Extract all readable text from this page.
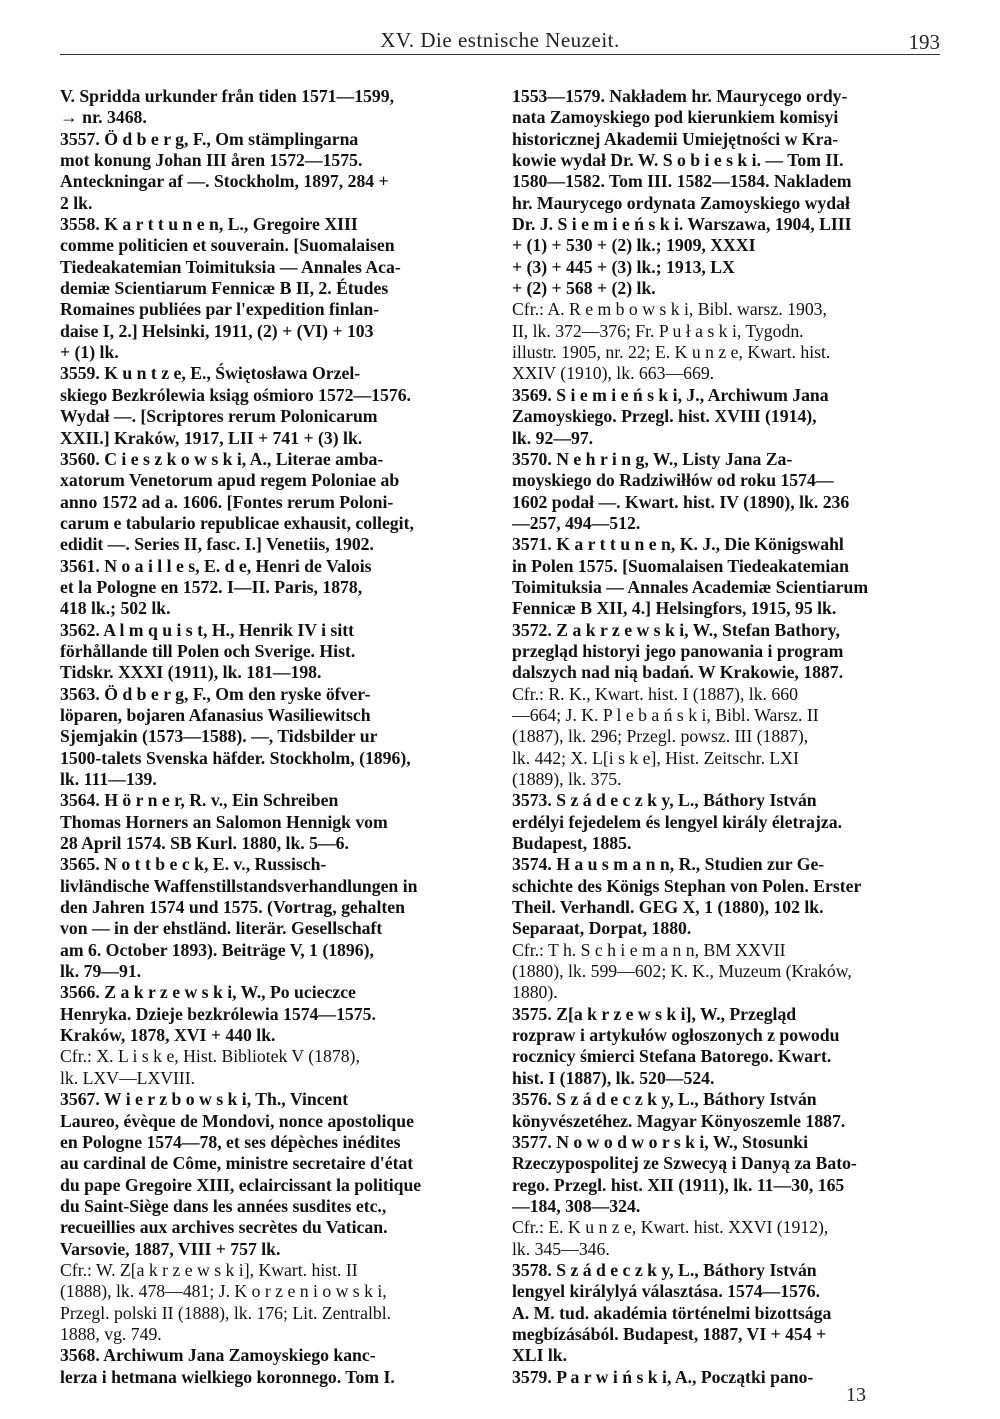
XV. Die estnische Neuzeit.	193
V. Spridda urkunder från tiden 1571—1599,
→ nr. 3468.
3557. Ö d b e r g, F., Om stämplingarna
mot konung Johan III åren 1572—1575.
Anteckningar af —. Stockholm, 1897, 284 +
2 lk.
3558. K a r t t u n e n, L., Gregoire XIII
comme politicien et souverain. [Suomalaisen
Tiedeakatemian Toimituksia — Annales Aca-
demiæ Scientiarum Fennicæ B II, 2. Études
Romaines publiées par l'expedition finlan-
daise I, 2.] Helsinki, 1911, (2) + (VI) + 103
+ (1) lk.
3559. K u n t z e, E., Świętosława Orzel-
skiego Bezkrólewia ksiąg ośmioro 1572—1576.
Wydał —. [Scriptores rerum Polonicarum
XXII.] Kraków, 1917, LII + 741 + (3) lk.
3560. C i e s z k o w s k i, A., Literae amba-
xatorum Venetorum apud regem Poloniae ab
anno 1572 ad a. 1606. [Fontes rerum Poloni-
carum e tabulario republicae exhausit, collegit,
edidit —. Series II, fasc. I.] Venetiis, 1902.
3561. N o a i l l e s, E. d e, Henri de Valois
et la Pologne en 1572. I—II. Paris, 1878,
418 lk.; 502 lk.
3562. A l m q u i s t, H., Henrik IV i sitt
förhållande till Polen och Sverige. Hist.
Tidskr. XXXI (1911), lk. 181—198.
3563. Ö d b e r g, F., Om den ryske öfver-
löparen, bojaren Afanasius Wasiliewitsch
Sjemjakin (1573—1588). —, Tidsbilder ur
1500-talets Svenska häfder. Stockholm, (1896),
lk. 111—139.
3564. H ö r n e r, R. v., Ein Schreiben
Thomas Horners an Salomon Hennigk vom
28 April 1574. SB Kurl. 1880, lk. 5—6.
3565. N o t t b e c k, E. v., Russisch-
livländische Waffenstillstandsverhandlungen in
den Jahren 1574 und 1575. (Vortrag, gehalten
von — in der ehstländ. literär. Gesellschaft
am 6. October 1893). Beiträge V, 1 (1896),
lk. 79—91.
3566. Z a k r z e w s k i, W., Po ucieczce
Henryka. Dzieje bezkrólewia 1574—1575.
Kraków, 1878, XVI + 440 lk.
Cfr.: X. L i s k e, Hist. Bibliotek V (1878),
lk. LXV—LXVIII.
3567. W i e r z b o w s k i, Th., Vincent
Laureo, évèque de Mondovi, nonce apostolique
en Pologne 1574—78, et ses dépèches inédites
au cardinal de Côme, ministre secretaire d'état
du pape Gregoire XIII, eclaircissant la politique
du Saint-Siège dans les années susdites etc.,
recueillies aux archives secrètes du Vatican.
Varsovie, 1887, VIII + 757 lk.
Cfr.: W. Z[a k r z e w s k i], Kwart. hist. II
(1888), lk. 478—481; J. K o r z e n i o w s k i,
Przegl. polski II (1888), lk. 176; Lit. Zentralbl.
1888, vg. 749.
3568. Archiwum Jana Zamoyskiego kanc-
lerza i hetmana wielkiego koronnego. Tom I.
1553—1579. Nakładem hr. Maurycego ordy-
nata Zamoyskiego pod kierunkiem komisyi
historicznej Akademii Umiejętności w Kra-
kowie wydał Dr. W. S o b i e s k i. — Tom II.
1580—1582. Tom III. 1582—1584. Nakladem
hr. Maurycego ordynata Zamoyskiego wydał
Dr. J. S i e m i e ń s k i. Warszawa, 1904, LIII
+ (1) + 530 + (2) lk.; 1909, XXXI
+ (3) + 445 + (3) lk.; 1913, LX
+ (2) + 568 + (2) lk.
Cfr.: A. R e m b o w s k i, Bibl. warsz. 1903,
II, lk. 372—376; Fr. P u ł a s k i, Tygodn.
illustr. 1905, nr. 22; E. K u n z e, Kwart. hist.
XXIV (1910), lk. 663—669.
3569. S i e m i e ń s k i, J., Archiwum Jana
Zamoyskiego. Przegl. hist. XVIII (1914),
lk. 92—97.
3570. N e h r i n g, W., Listy Jana Za-
moyskiego do Radziwiłłów od roku 1574—
1602 podał —. Kwart. hist. IV (1890), lk. 236
—257, 494—512.
3571. K a r t t u n e n, K. J., Die Königswahl
in Polen 1575. [Suomalaisen Tiedeakatemian
Toimituksia — Annales Academiæ Scientiarum
Fennicæ B XII, 4.] Helsingfors, 1915, 95 lk.
3572. Z a k r z e w s k i, W., Stefan Bathory,
przegląd historyi jego panowania i program
dalszych nad nią badań. W Krakowie, 1887.
Cfr.: R. K., Kwart. hist. I (1887), lk. 660
—664; J. K. P l e b a ń s k i, Bibl. Warsz. II
(1887), lk. 296; Przegl. powsz. III (1887),
lk. 442; X. L[i s k e], Hist. Zeitschr. LXI
(1889), lk. 375.
3573. S z á d e c z k y, L., Báthory István
erdélyi fejedelem és lengyel király életrajza.
Budapest, 1885.
3574. H a u s m a n n, R., Studien zur Ge-
schichte des Königs Stephan von Polen. Erster
Theil. Verhandl. GEG X, 1 (1880), 102 lk.
Separaat, Dorpat, 1880.
Cfr.: T h. S c h i e m a n n, BM XXVII
(1880), lk. 599—602; K. K., Muzeum (Kraków,
1880).
3575. Z[a k r z e w s k i], W., Przegląd
rozpraw i artykułów ogłoszonych z powodu
rocznicy śmierci Stefana Batorego. Kwart.
hist. I (1887), lk. 520—524.
3576. S z á d e c z k y, L., Báthory István
könyvészetéhez. Magyar Könyoszemle 1887.
3577. N o w o d w o r s k i, W., Stosunki
Rzeczypospolitej ze Szwecyą i Danyą za Bato-
rego. Przegl. hist. XII (1911), lk. 11—30, 165
—184, 308—324.
Cfr.: E. K u n z e, Kwart. hist. XXVI (1912),
lk. 345—346.
3578. S z á d e c z k y, L., Báthory István
lengyel királylyá választása. 1574—1576.
A. M. tud. akadémia történelmi bizottsága
megbízásából. Budapest, 1887, VI + 454 +
XLI lk.
3579. P a r w i ń s k i, A., Początki pano-
13
